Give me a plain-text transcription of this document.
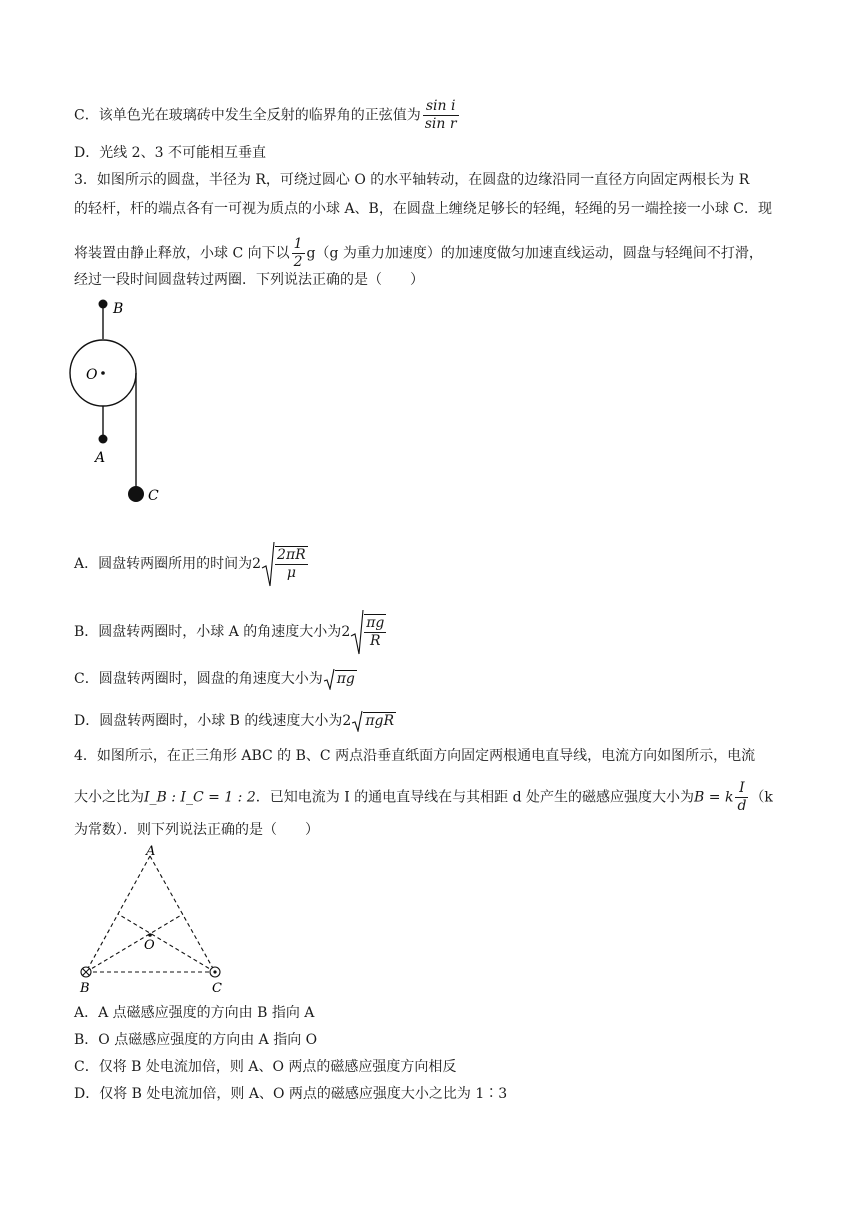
C．该单色光在玻璃砖中发生全反射的临界角的正弦值为 $\frac{\text{sin i}}{\text{sin r}}$
D．光线 2、3 不可能相互垂直
3．如图所示的圆盘，半径为 R，可绕过圆心 O 的水平轴转动，在圆盘的边缘沿同一直径方向固定两根长为 R
的轻杆，杆的端点各有一可视为质点的小球 A、B，在圆盘上缠绕足够长的轻绳，轻绳的另一端拴接一小球 C．现
将装置由静止释放，小球 C 向下以 $\frac{1}{2} g(g$ 为重力加速度）的加速度做匀加速直线运动，圆盘与轻绳间不打滑，
经过一段时间圆盘转过两圈．下列说法正确的是（　　）
B
O
A
C
A．圆盘转两圈所用的时间为$2 \frac{2\pi R}{\mu}$
B．圆盘转两圈时，小球 A 的角速度大小为$2 \frac{\pi g}{R}$
C．圆盘转两圈时，圆盘的角速度大小为 πg
D．圆盘转两圈时，小球 B 的线速度大小为2 πgR
4．如图所示，在正三角形 ABC 的 B、C 两点沿垂直纸面方向固定两根通电直导线，电流方向如图所示，电流
大小之比为I_B : I_C = 1 : 2．已知电流为 I 的通电直导线在与其相距 d 处产生的磁感应强度大小为B = k $\frac{I}{d} (k$
为常数）．则下列说法正确的是（　　）
A
O
B	C
A．A 点磁感应强度的方向由 B 指向 A
B．O 点磁感应强度的方向由 A 指向 O
C．仅将 B 处电流加倍，则 A、O 两点的磁感应强度方向相反
D．仅将 B 处电流加倍，则 A、O 两点的磁感应强度大小之比为 1∶3
